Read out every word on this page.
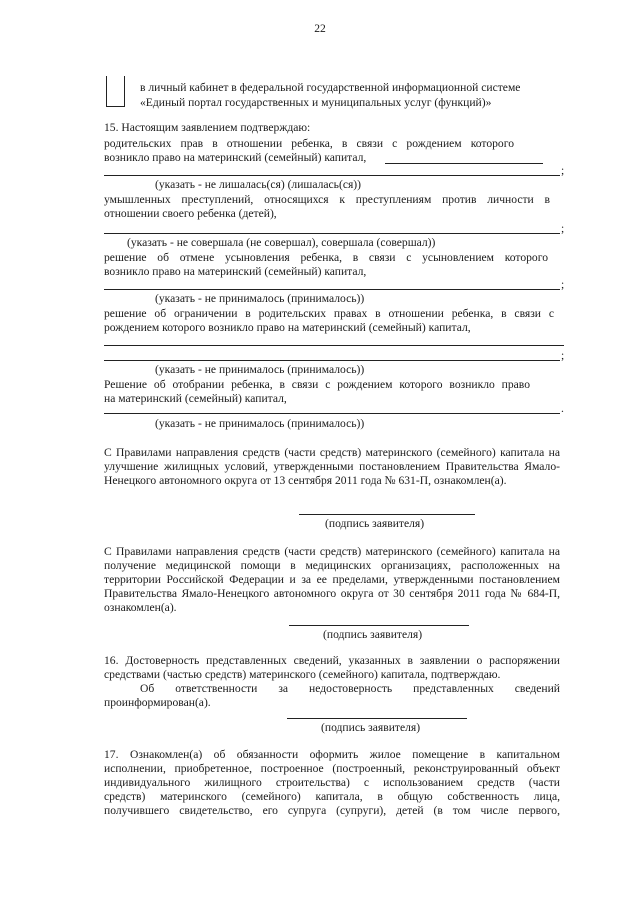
22
в личный кабинет в федеральной государственной информационной системе
«Единый портал государственных и муниципальных услуг (функций)»
15. Настоящим заявлением подтверждаю:
родительских прав в отношении ребенка, в связи с рождением которого
возникло право на материнский (семейный) капитал,
;
(указать - не лишалась(ся) (лишалась(ся))
умышленных преступлений, относящихся к преступлениям против личности в
отношении своего ребенка (детей),
;
(указать - не совершала (не совершал), совершала (совершал))
решение об отмене усыновления ребенка, в связи с усыновлением которого
возникло право на материнский (семейный) капитал,
;
(указать - не принималось (принималось))
решение об ограничении в родительских правах в отношении ребенка, в связи с
рождением которого возникло право на материнский (семейный) капитал,
;
(указать - не принималось (принималось))
Решение об отобрании ребенка, в связи с рождением которого возникло право
на материнский (семейный) капитал,
.
(указать - не принималось (принималось))
С Правилами направления средств (части средств) материнского (семейного) капитала на
улучшение жилищных условий, утвержденными постановлением Правительства Ямало-
Ненецкого автономного округа от 13 сентября 2011 года № 631-П, ознакомлен(а).
(подпись заявителя)
С Правилами направления средств (части средств) материнского (семейного) капитала на
получение медицинской помощи в медицинских организациях, расположенных на
территории Российской Федерации и за ее пределами, утвержденными постановлением
Правительства Ямало-Ненецкого автономного округа от 30 сентября 2011 года № 684-П,
ознакомлен(а).
(подпись заявителя)
16. Достоверность представленных сведений, указанных в заявлении о распоряжении
средствами (частью средств) материнского (семейного) капитала, подтверждаю.
Об ответственности за недостоверность представленных сведений
проинформирован(а).
(подпись заявителя)
17. Ознакомлен(а) об обязанности оформить жилое помещение в капитальном
исполнении, приобретенное, построенное (построенный, реконструированный объект
индивидуального жилищного строительства) с использованием средств (части
средств) материнского (семейного) капитала, в общую собственность лица,
получившего свидетельство, его супруга (супруги), детей (в том числе первого,
